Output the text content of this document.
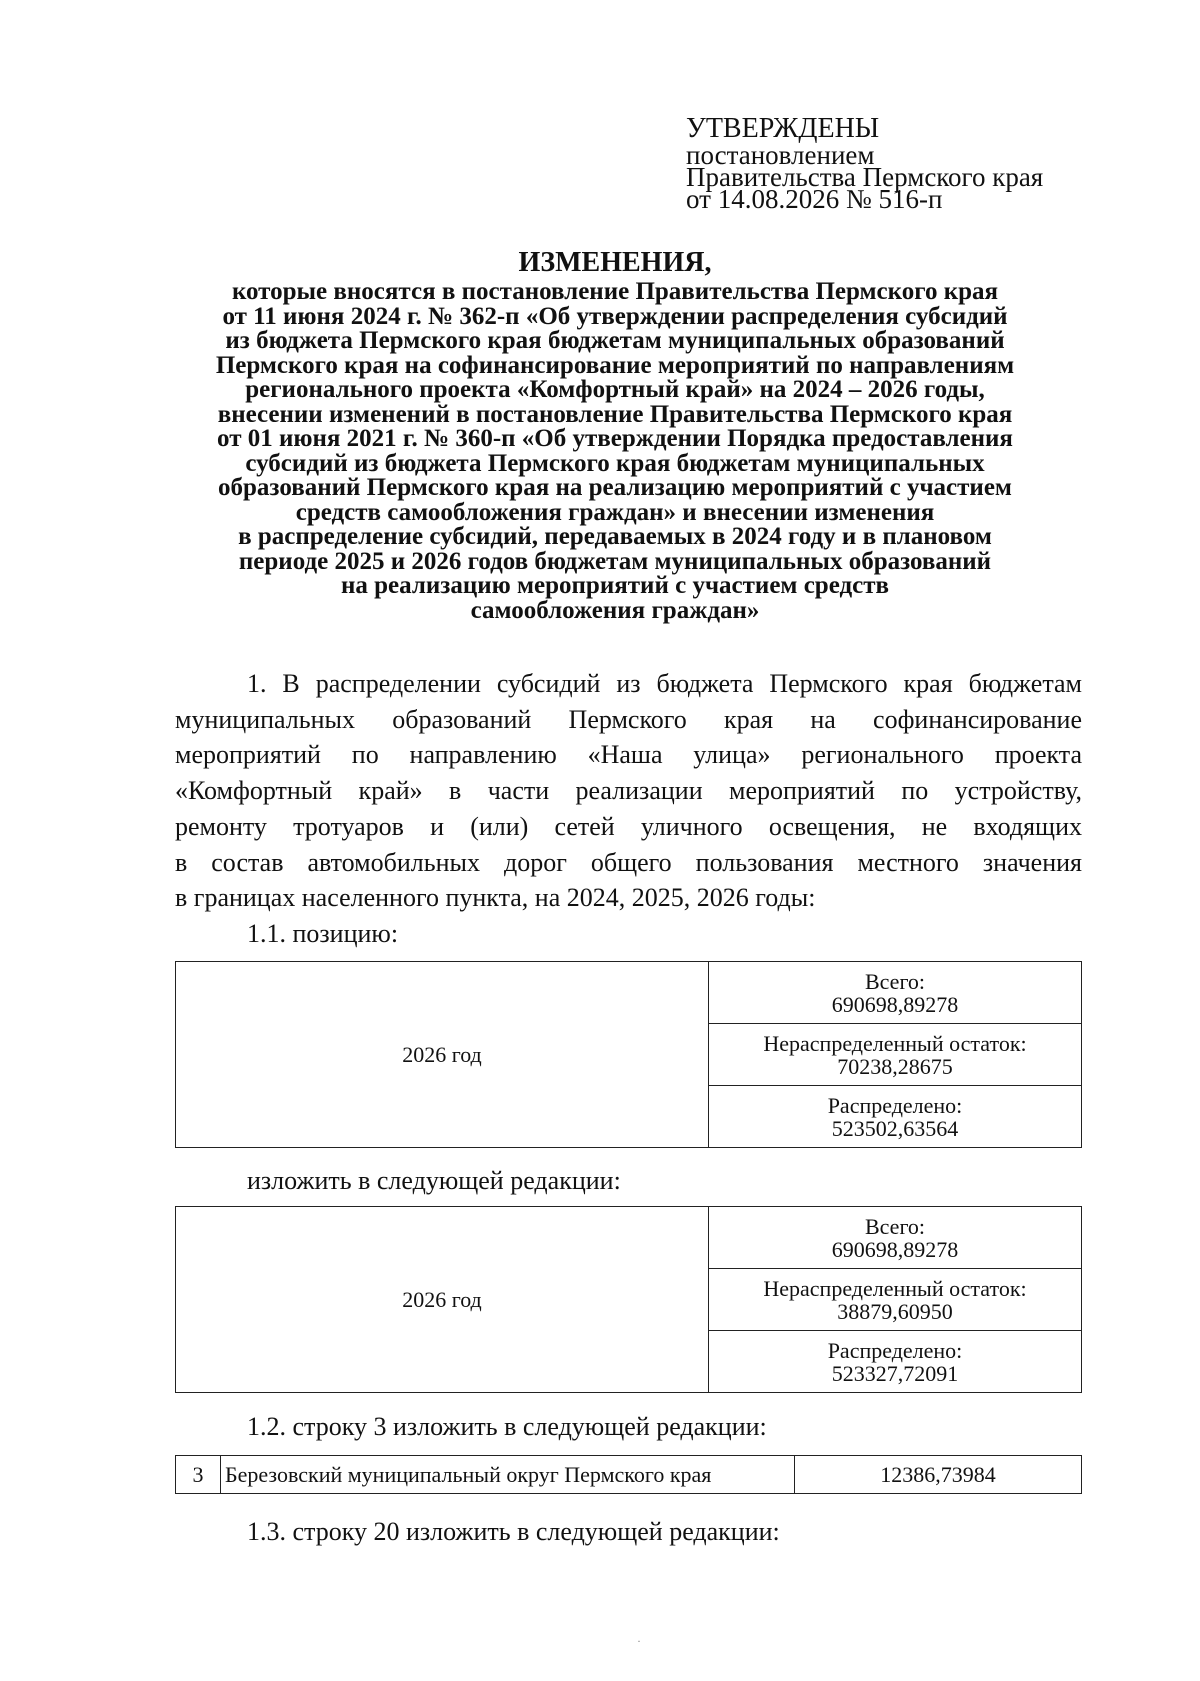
УТВЕРЖДЕНЫ
постановлением
Правительства Пермского края
от 14.08.2026 № 516-п
ИЗМЕНЕНИЯ,
которые вносятся в постановление Правительства Пермского края
от 11 июня 2024 г. № 362-п «Об утверждении распределения субсидий
из бюджета Пермского края бюджетам муниципальных образований
Пермского края на софинансирование мероприятий по направлениям
регионального проекта «Комфортный край» на 2024 – 2026 годы,
внесении изменений в постановление Правительства Пермского края
от 01 июня 2021 г. № 360-п «Об утверждении Порядка предоставления
субсидий из бюджета Пермского края бюджетам муниципальных
образований Пермского края на реализацию мероприятий с участием
средств самообложения граждан» и внесении изменения
в распределение субсидий, передаваемых в 2024 году и в плановом
периоде 2025 и 2026 годов бюджетам муниципальных образований
на реализацию мероприятий с участием средств
самообложения граждан»
1. В распределении субсидий из бюджета Пермского края бюджетам
муниципальных образований Пермского края на софинансирование
мероприятий по направлению «Наша улица» регионального проекта
«Комфортный край» в части реализации мероприятий по устройству,
ремонту тротуаров и (или) сетей уличного освещения, не входящих
в состав автомобильных дорог общего пользования местного значения
в границах населенного пункта, на 2024, 2025, 2026 годы:
1.1. позицию:
2026 год	
Всего:
690698,89278

Нераспределенный остаток:
70238,28675

Распределено:
523502,63564
изложить в следующей редакции:
2026 год	
Всего:
690698,89278

Нераспределенный остаток:
38879,60950

Распределено:
523327,72091
1.2. строку 3 изложить в следующей редакции:
3	Березовский муниципальный округ Пермского края	12386,73984
1.3. строку 20 изложить в следующей редакции:
·
